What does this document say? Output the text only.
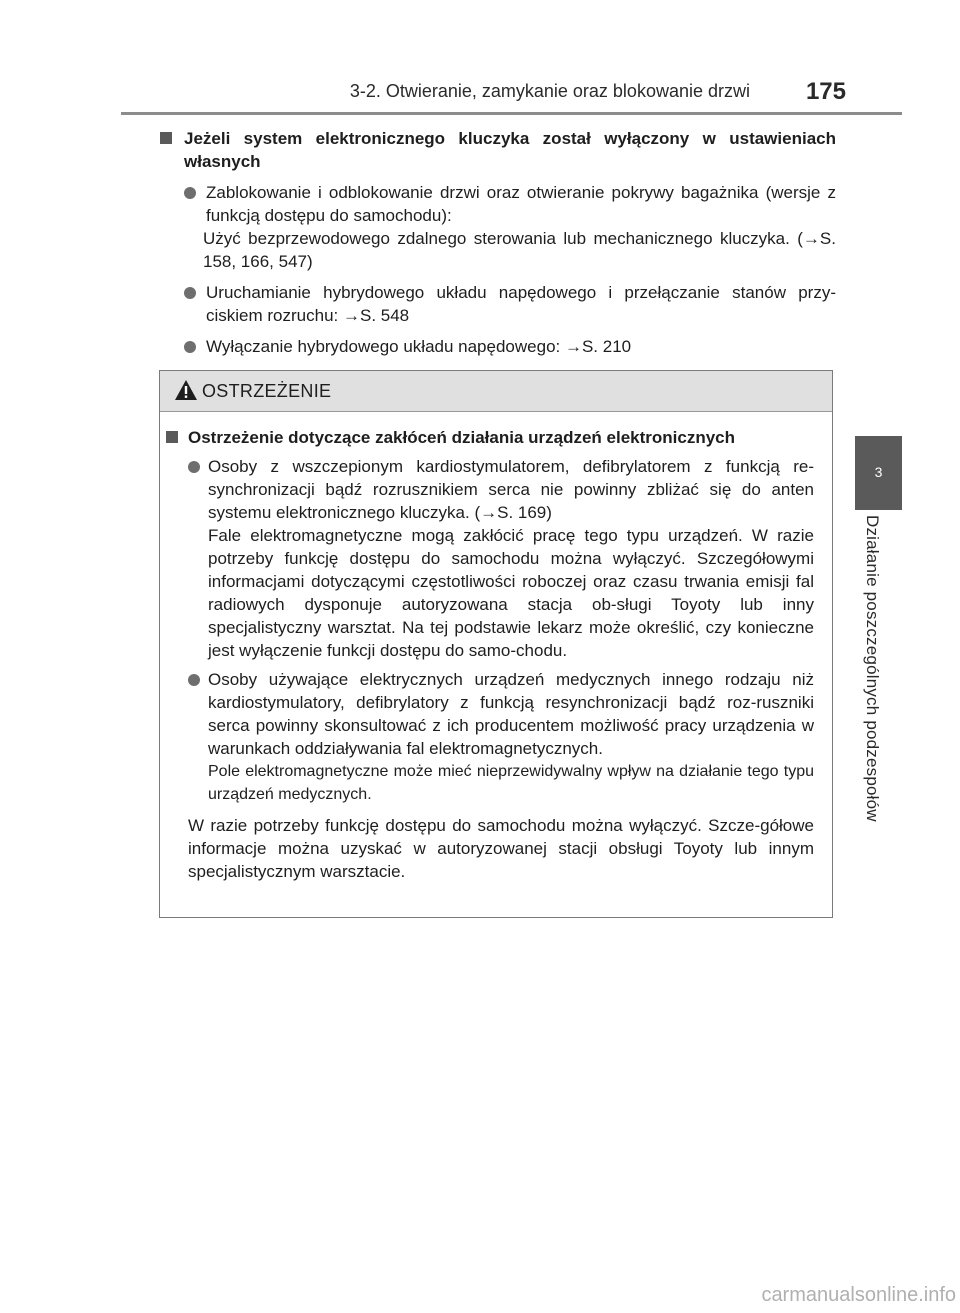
3-2. Otwieranie, zamykanie oraz blokowanie drzwi 175
3
Działanie poszczególnych podzespołów
Jeżeli system elektronicznego kluczyka został wyłączony w ustawieniach własnych
Zablokowanie i odblokowanie drzwi oraz otwieranie pokrywy bagażnika (wersje z funkcją dostępu do samochodu):
Użyć bezprzewodowego zdalnego sterowania lub mechanicznego kluczyka. (→S. 158, 166, 547)
Uruchamianie hybrydowego układu napędowego i przełączanie stanów przy-ciskiem rozruchu: →S. 548
Wyłączanie hybrydowego układu napędowego: →S. 210
OSTRZEŻENIE
Ostrzeżenie dotyczące zakłóceń działania urządzeń elektronicznych
Osoby z wszczepionym kardiostymulatorem, defibrylatorem z funkcją re-synchronizacji bądź rozrusznikiem serca nie powinny zbliżać się do anten systemu elektronicznego kluczyka. (→S. 169)
Fale elektromagnetyczne mogą zakłócić pracę tego typu urządzeń. W razie potrzeby funkcję dostępu do samochodu można wyłączyć. Szczegółowymi informacjami dotyczącymi częstotliwości roboczej oraz czasu trwania emisji fal radiowych dysponuje autoryzowana stacja ob-sługi Toyoty lub inny specjalistyczny warsztat. Na tej podstawie lekarz może określić, czy konieczne jest wyłączenie funkcji dostępu do samo-chodu.
Osoby używające elektrycznych urządzeń medycznych innego rodzaju niż kardiostymulatory, defibrylatory z funkcją resynchronizacji bądź roz-ruszniki serca powinny skonsultować z ich producentem możliwość pracy urządzenia w warunkach oddziaływania fal elektromagnetycznych.
Pole elektromagnetyczne może mieć nieprzewidywalny wpływ na działanie tego typu urządzeń medycznych.
W razie potrzeby funkcję dostępu do samochodu można wyłączyć. Szcze-gółowe informacje można uzyskać w autoryzowanej stacji obsługi Toyoty lub innym specjalistycznym warsztacie.
carmanualsonline.info
